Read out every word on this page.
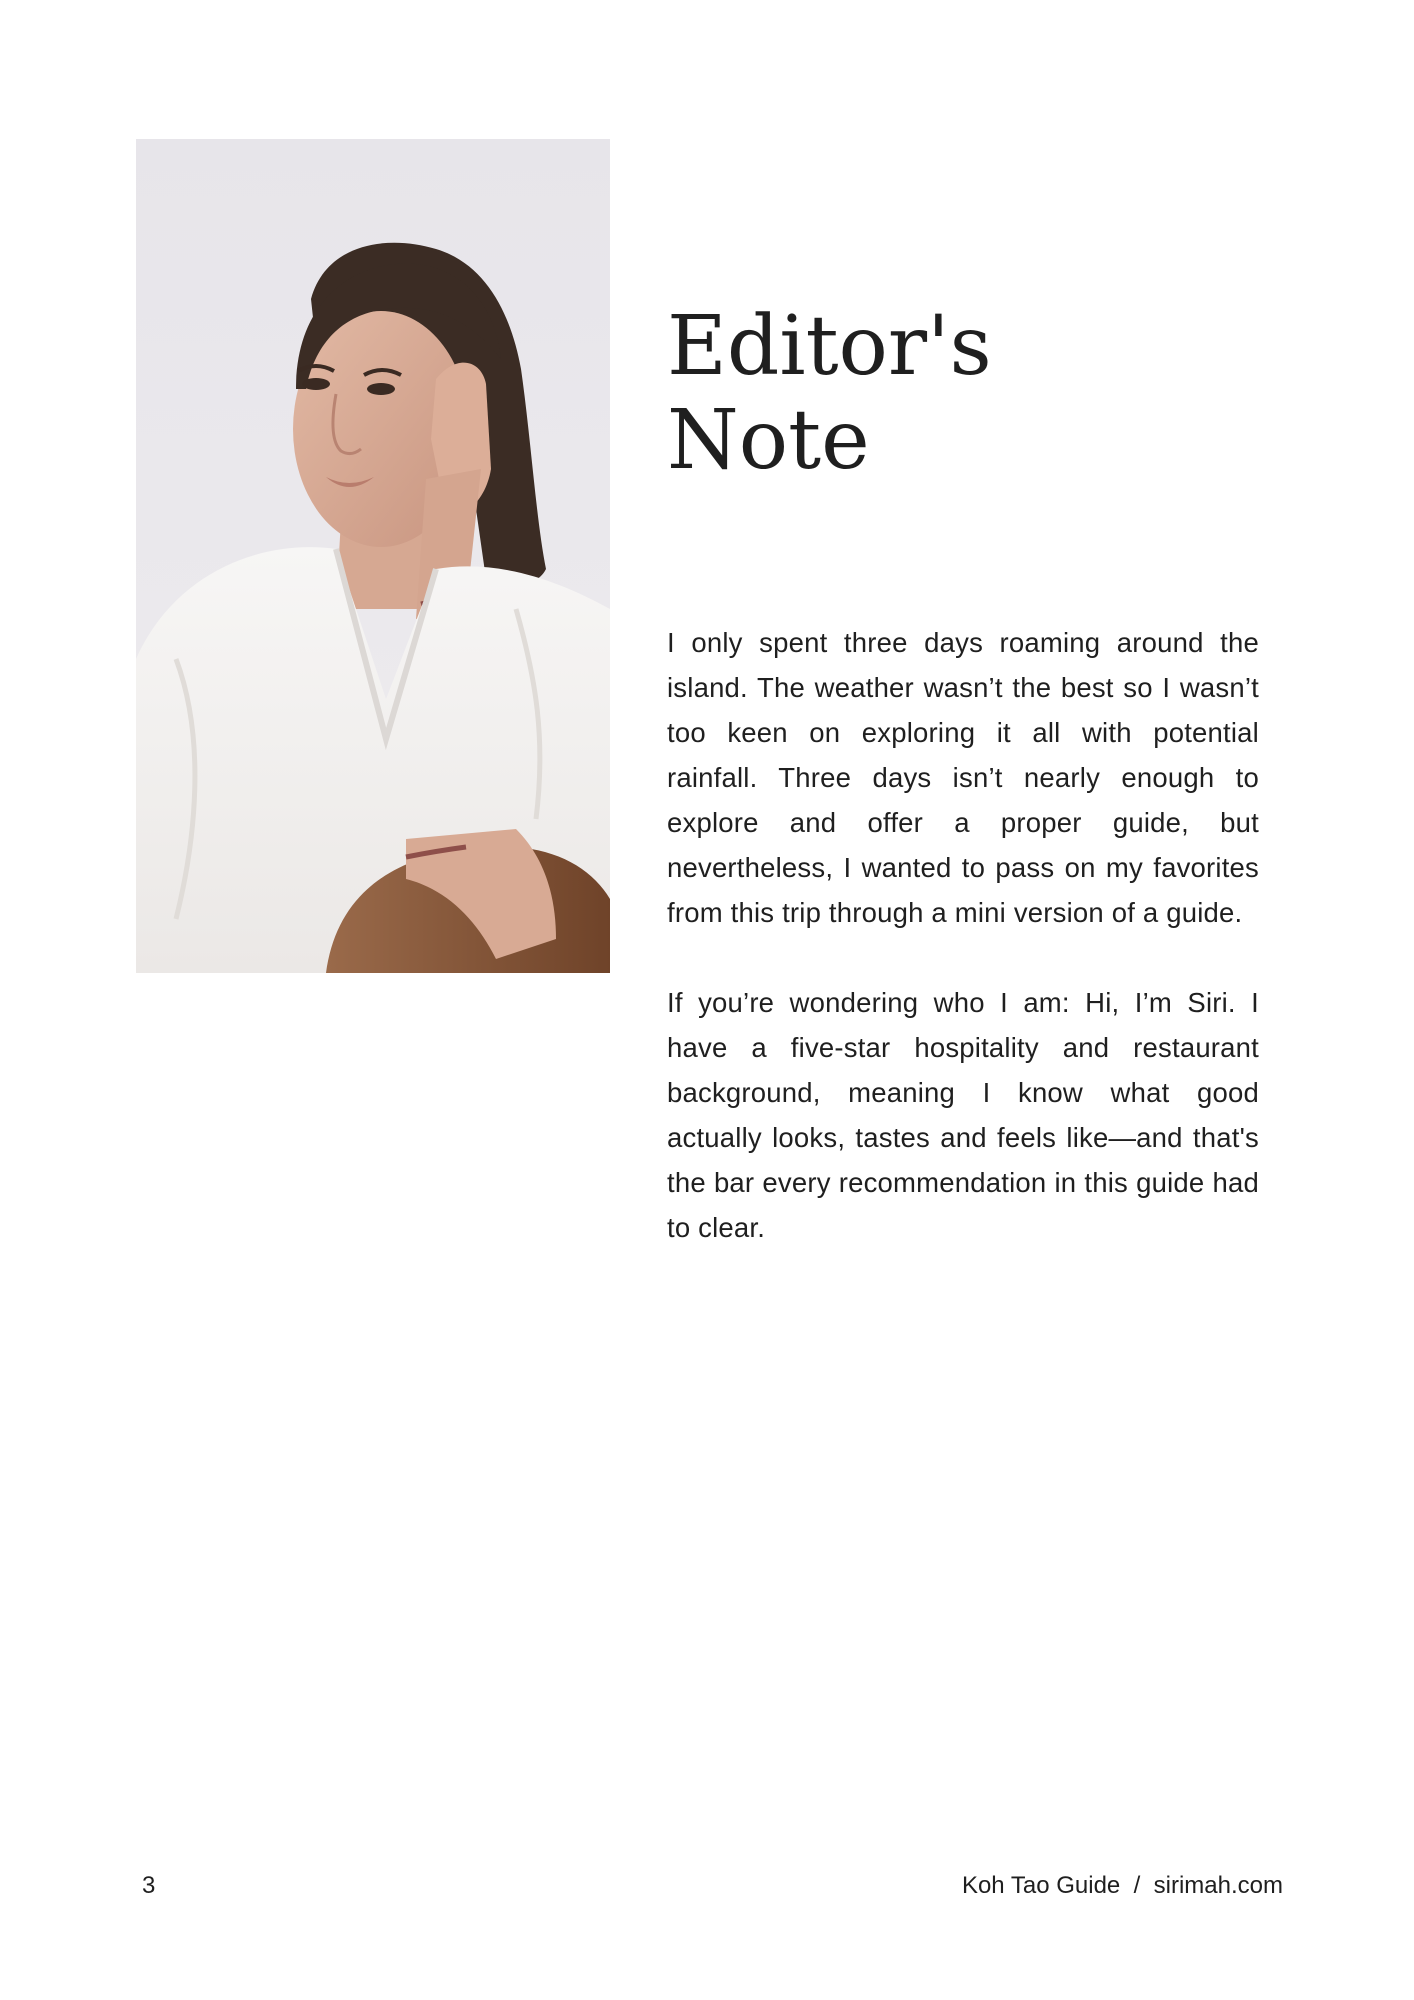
Editor's
Note

I only spent three days roaming around the island. The weather wasn’t the best so I wasn’t too keen on exploring it all with potential rainfall. Three days isn’t nearly enough to explore and offer a proper guide, but nevertheless, I wanted to pass on my favorites from this trip through a mini version of a guide.

If you’re wondering who I am: Hi, I’m Siri. I have a five-star hospitality and restaurant background, meaning I know what good actually looks, tastes and feels like—and that's the bar every recommendation in this guide had to clear.

3	Koh Tao Guide / sirimah.com
